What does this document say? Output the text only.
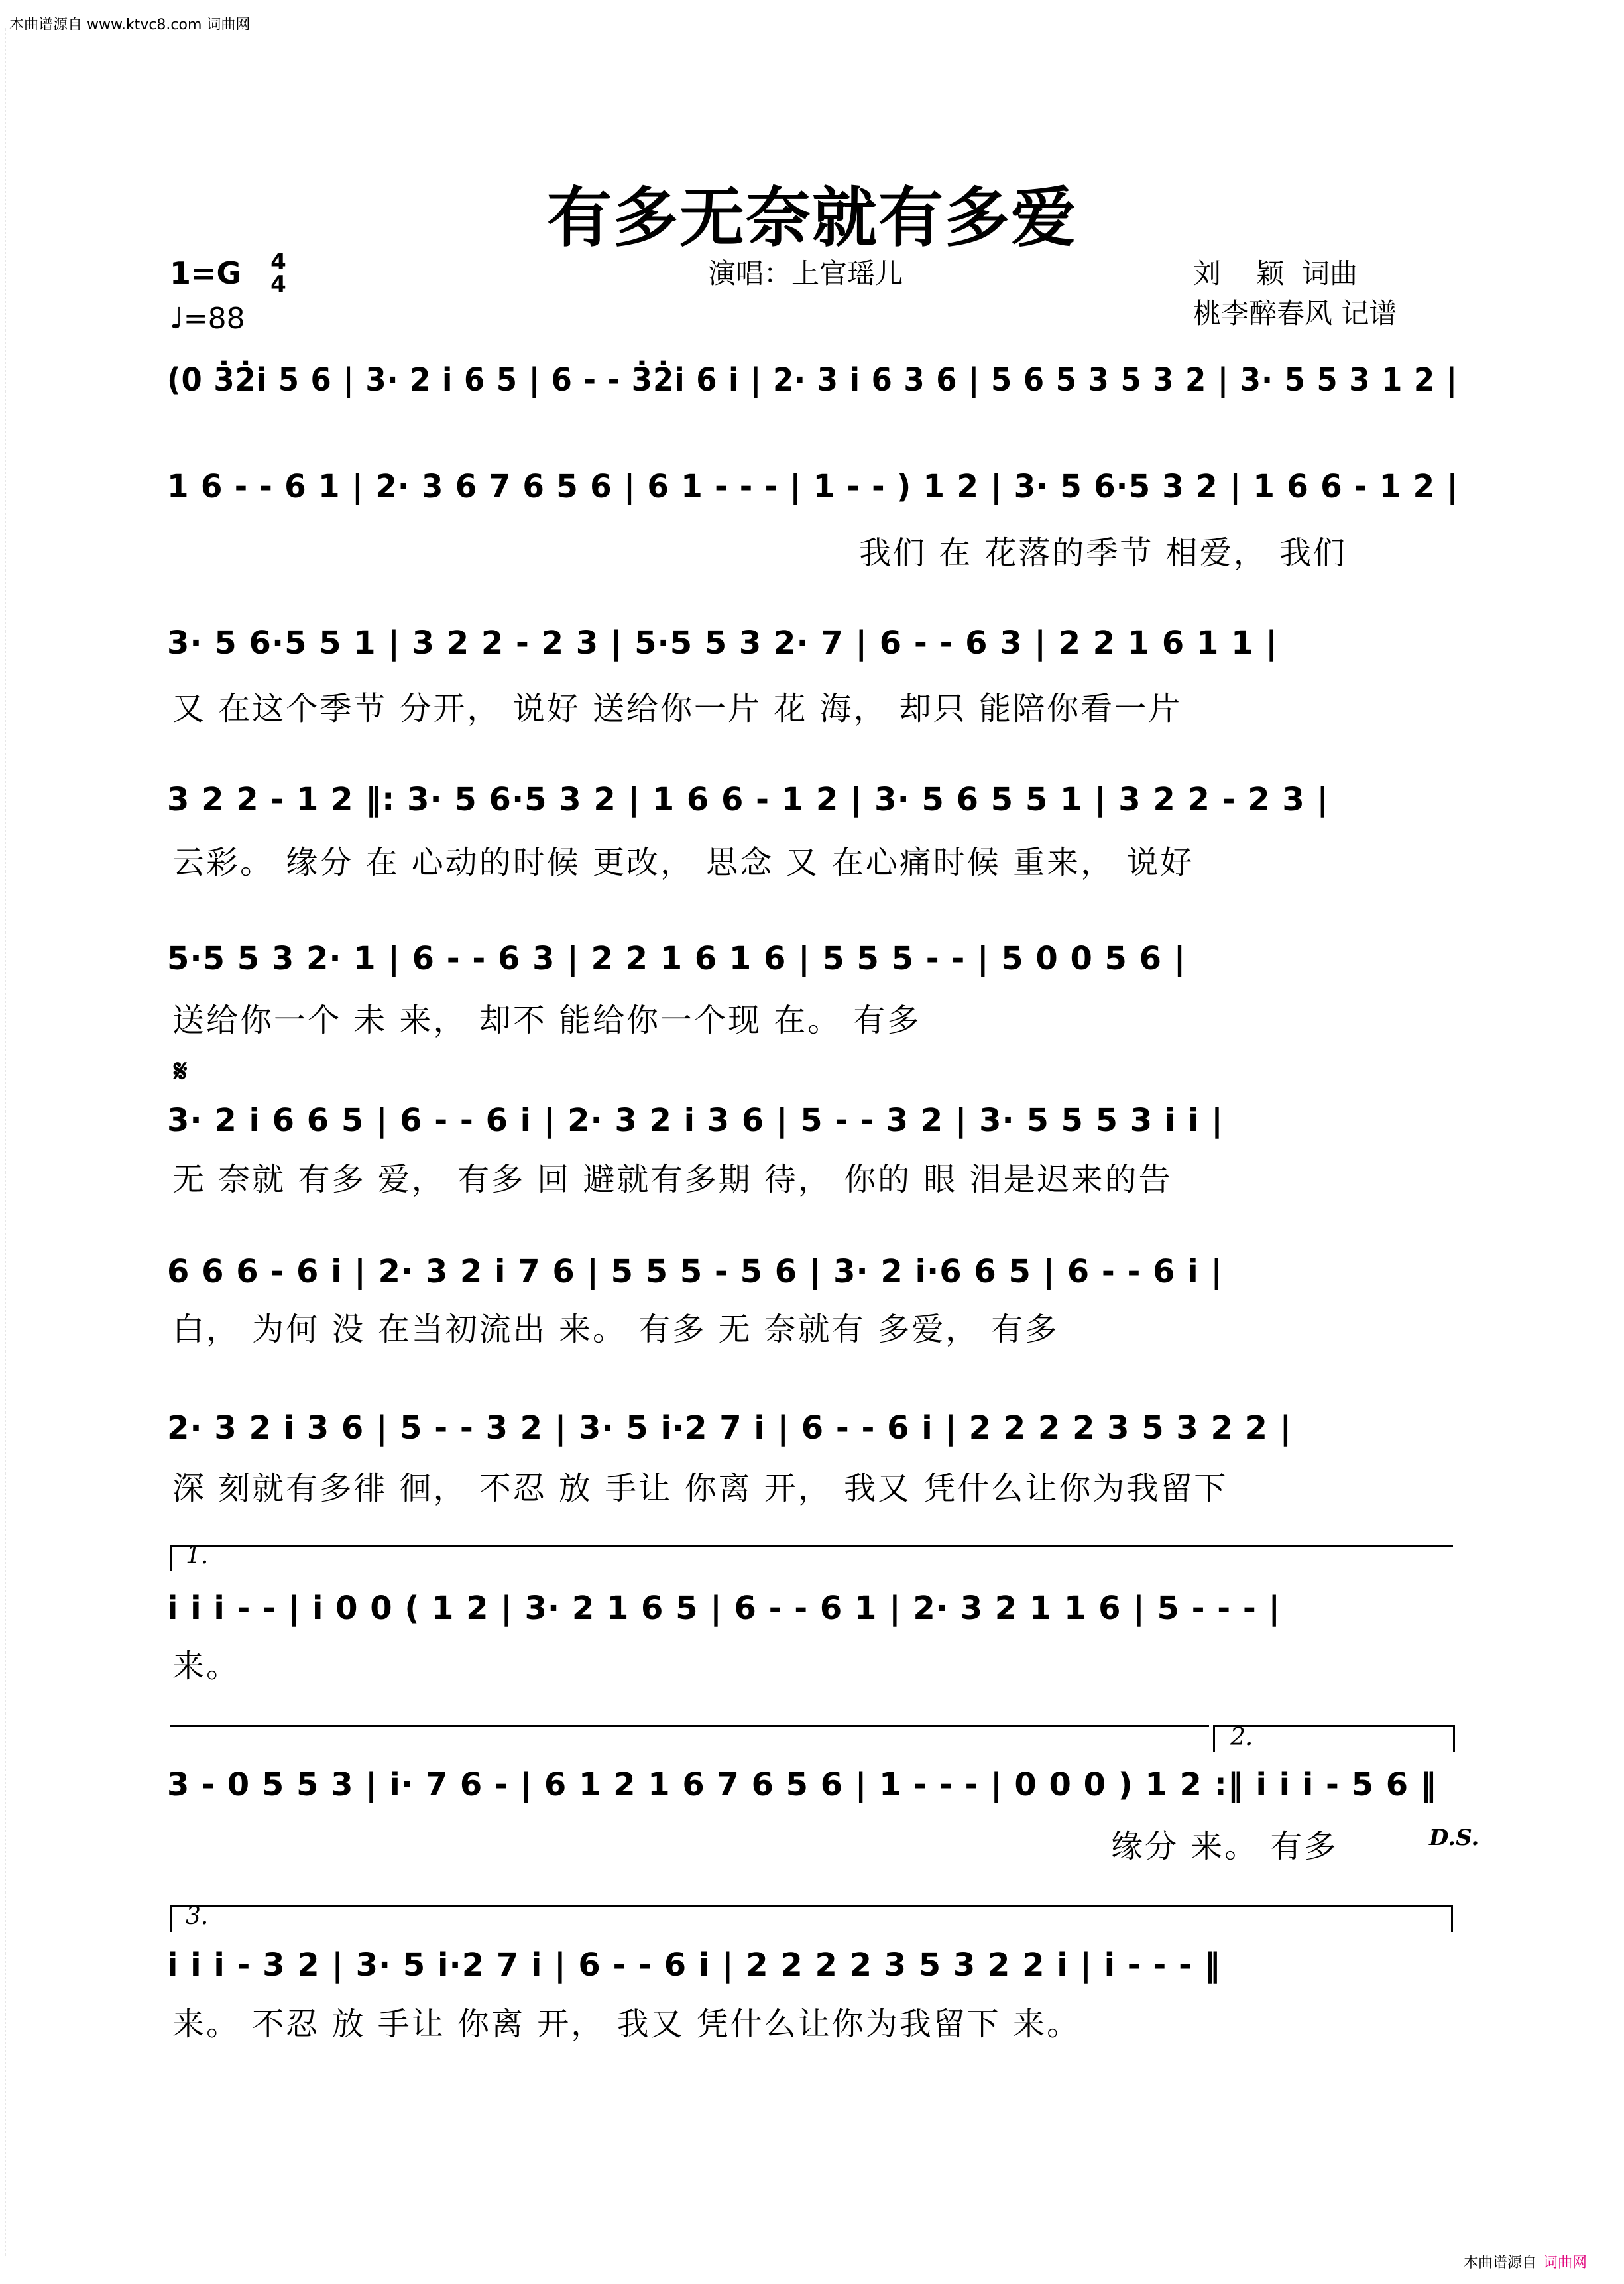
本曲谱源自 www.ktvc8.com 词曲网
本曲谱源自 词曲网
有多无奈就有多爱
1=G 4
4
♩=88
演唱：上官瑶儿	刘    颖  词曲
桃李醉春风 记谱
𝄋
(0 3̇2̇i 5 6 | 3· 2 i 6 5 | 6 - - 3̇2̇i 6 i | 2· 3 i 6 3 6 | 5 6 5 3 5 3 2 | 3· 5 5 3 1 2 |
1 6 - - 6 1 | 2· 3 6 7 6 5 6 | 6 1 - - - | 1 - - ) 1 2 | 3· 5 6·5 3 2 | 1 6 6 - 1 2 |
我们 在 花落的季节 相爱， 我们
3· 5 6·5 5 1 | 3 2 2 - 2 3 | 5·5 5 3 2· 7 | 6 - - 6 3 | 2 2 1 6 1 1 |
又 在这个季节 分开， 说好 送给你一片 花 海， 却只 能陪你看一片
3 2 2 - 1 2 ‖: 3· 5 6·5 3 2 | 1 6 6 - 1 2 | 3· 5 6 5 5 1 | 3 2 2 - 2 3 |
云彩。 缘分 在 心动的时候 更改， 思念 又 在心痛时候 重来， 说好
5·5 5 3 2· 1 | 6 - - 6 3 | 2 2 1 6 1 6 | 5 5 5 - - | 5 0 0 5 6 |
送给你一个 未 来， 却不 能给你一个现 在。 有多
3· 2 i 6 6 5 | 6 - - 6 i | 2· 3 2 i 3 6 | 5 - - 3 2 | 3· 5 5 5 3 i i |
无 奈就 有多 爱， 有多 回 避就有多期 待， 你的 眼 泪是迟来的告
6 6 6 - 6 i | 2· 3 2 i 7 6 | 5 5 5 - 5 6 | 3· 2 i·6 6 5 | 6 - - 6 i |
白， 为何 没 在当初流出 来。 有多 无 奈就有 多爱， 有多
2· 3 2 i 3 6 | 5 - - 3 2 | 3· 5 i·2 7 i | 6 - - 6 i | 2 2 2 2 3 5 3 2 2 |
深 刻就有多徘 徊， 不忍 放 手让 你离 开， 我又 凭什么让你为我留下
1.
i i i - - | i 0 0 ( 1 2 | 3· 2 1 6 5 | 6 - - 6 1 | 2· 3 2 1 1 6 | 5 - - - |
来。
2.
3 - 0 5 5 3 | i· 7 6 - | 6 1 2 1 6 7 6 5 6 | 1 - - - | 0 0 0 ) 1 2 :‖ i i i - 5 6 ‖
缘分 来。 有多	D.S.
3.
i i i - 3 2 | 3· 5 i·2 7 i | 6 - - 6 i | 2 2 2 2 3 5 3 2 2 i | i - - - ‖
来。 不忍 放 手让 你离 开， 我又 凭什么让你为我留下 来。
